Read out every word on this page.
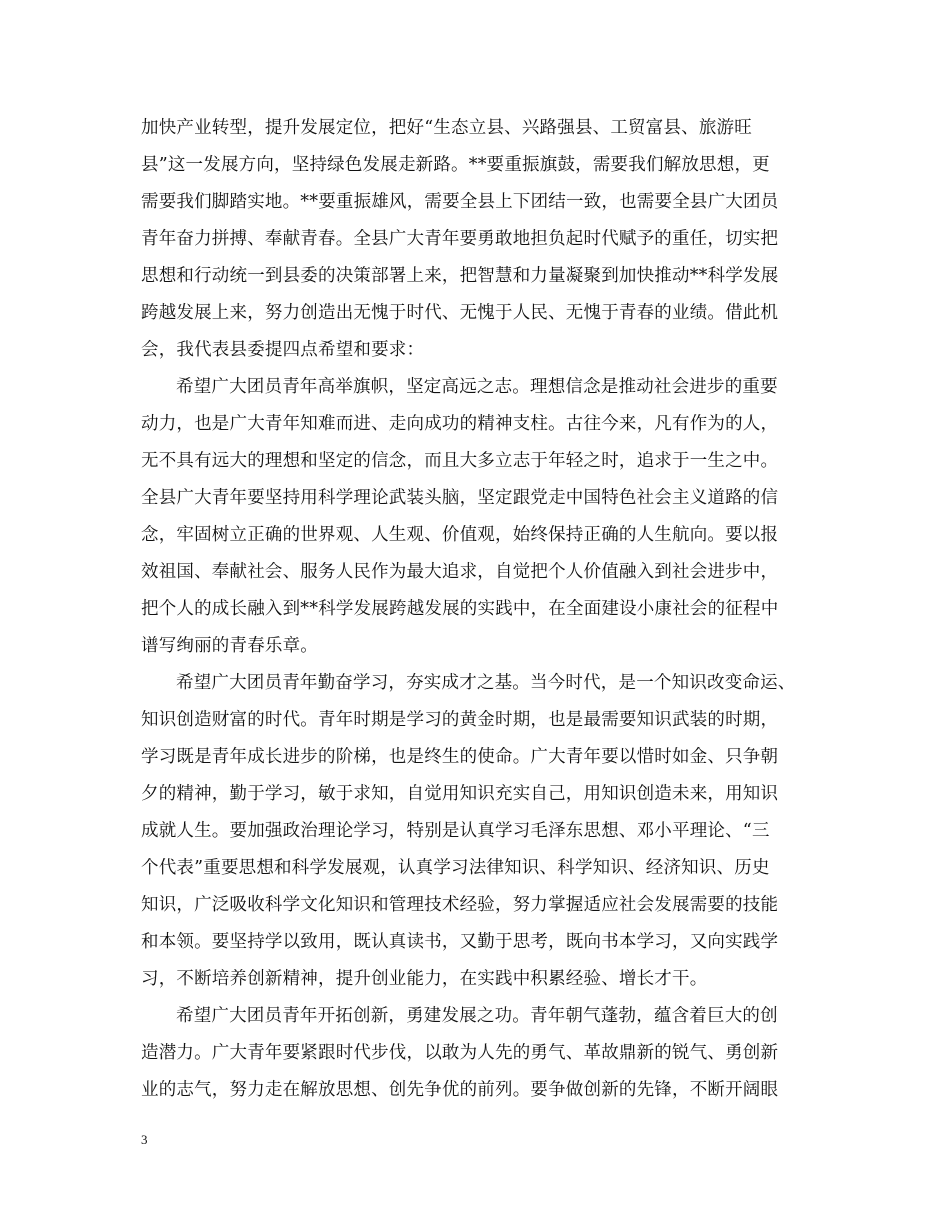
加快产业转型，提升发展定位，把好“生态立县、兴路强县、工贸富县、旅游旺
县”这一发展方向，坚持绿色发展走新路。**要重振旗鼓，需要我们解放思想，更
需要我们脚踏实地。**要重振雄风，需要全县上下团结一致，也需要全县广大团员
青年奋力拼搏、奉献青春。全县广大青年要勇敢地担负起时代赋予的重任，切实把
思想和行动统一到县委的决策部署上来，把智慧和力量凝聚到加快推动**科学发展
跨越发展上来，努力创造出无愧于时代、无愧于人民、无愧于青春的业绩。借此机
会，我代表县委提四点希望和要求：
希望广大团员青年高举旗帜，坚定高远之志。理想信念是推动社会进步的重要
动力，也是广大青年知难而进、走向成功的精神支柱。古往今来，凡有作为的人，
无不具有远大的理想和坚定的信念，而且大多立志于年轻之时，追求于一生之中。
全县广大青年要坚持用科学理论武装头脑，坚定跟党走中国特色社会主义道路的信
念，牢固树立正确的世界观、人生观、价值观，始终保持正确的人生航向。要以报
效祖国、奉献社会、服务人民作为最大追求，自觉把个人价值融入到社会进步中，
把个人的成长融入到**科学发展跨越发展的实践中，在全面建设小康社会的征程中
谱写绚丽的青春乐章。
希望广大团员青年勤奋学习，夯实成才之基。当今时代，是一个知识改变命运、
知识创造财富的时代。青年时期是学习的黄金时期，也是最需要知识武装的时期，
学习既是青年成长进步的阶梯，也是终生的使命。广大青年要以惜时如金、只争朝
夕的精神，勤于学习，敏于求知，自觉用知识充实自己，用知识创造未来，用知识
成就人生。要加强政治理论学习，特别是认真学习毛泽东思想、邓小平理论、“三
个代表”重要思想和科学发展观，认真学习法律知识、科学知识、经济知识、历史
知识，广泛吸收科学文化知识和管理技术经验，努力掌握适应社会发展需要的技能
和本领。要坚持学以致用，既认真读书，又勤于思考，既向书本学习，又向实践学
习，不断培养创新精神，提升创业能力，在实践中积累经验、增长才干。
希望广大团员青年开拓创新，勇建发展之功。青年朝气蓬勃，蕴含着巨大的创
造潜力。广大青年要紧跟时代步伐，以敢为人先的勇气、革故鼎新的锐气、勇创新
业的志气，努力走在解放思想、创先争优的前列。要争做创新的先锋，不断开阔眼
3
